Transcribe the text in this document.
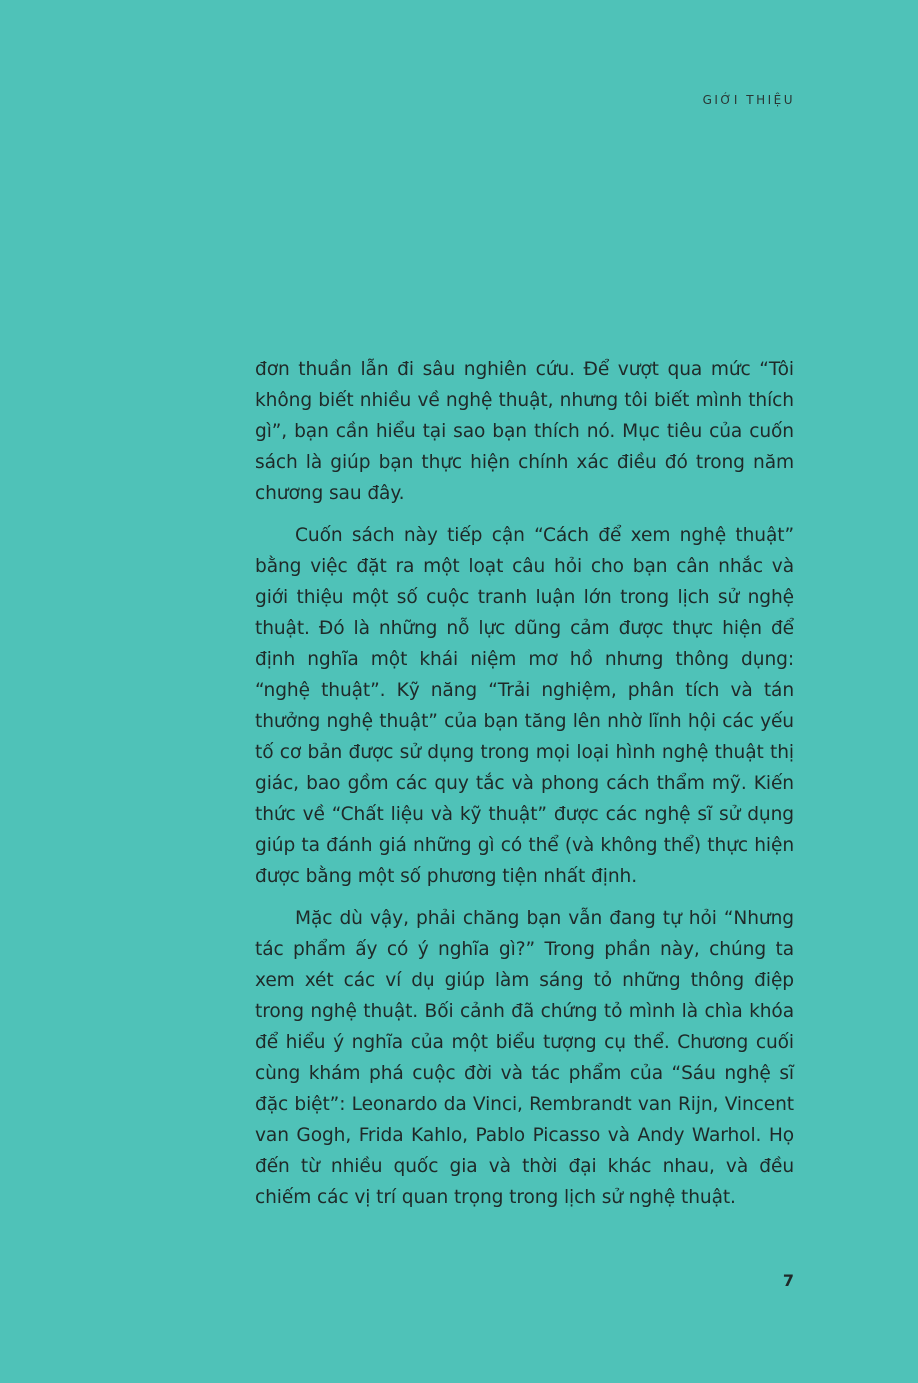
GIỚI THIỆU

đơn thuần lẫn đi sâu nghiên cứu. Để vượt qua mức “Tôi không biết nhiều về nghệ thuật, nhưng tôi biết mình thích gì”, bạn cần hiểu tại sao bạn thích nó. Mục tiêu của cuốn sách là giúp bạn thực hiện chính xác điều đó trong năm chương sau đây.

Cuốn sách này tiếp cận “Cách để xem nghệ thuật” bằng việc đặt ra một loạt câu hỏi cho bạn cân nhắc và giới thiệu một số cuộc tranh luận lớn trong lịch sử nghệ thuật. Đó là những nỗ lực dũng cảm được thực hiện để định nghĩa một khái niệm mơ hồ nhưng thông dụng: “nghệ thuật”. Kỹ năng “Trải nghiệm, phân tích và tán thưởng nghệ thuật” của bạn tăng lên nhờ lĩnh hội các yếu tố cơ bản được sử dụng trong mọi loại hình nghệ thuật thị giác, bao gồm các quy tắc và phong cách thẩm mỹ. Kiến thức về “Chất liệu và kỹ thuật” được các nghệ sĩ sử dụng giúp ta đánh giá những gì có thể (và không thể) thực hiện được bằng một số phương tiện nhất định.

Mặc dù vậy, phải chăng bạn vẫn đang tự hỏi “Nhưng tác phẩm ấy có ý nghĩa gì?” Trong phần này, chúng ta xem xét các ví dụ giúp làm sáng tỏ những thông điệp trong nghệ thuật. Bối cảnh đã chứng tỏ mình là chìa khóa để hiểu ý nghĩa của một biểu tượng cụ thể. Chương cuối cùng khám phá cuộc đời và tác phẩm của “Sáu nghệ sĩ đặc biệt”: Leonardo da Vinci, Rembrandt van Rijn, Vincent van Gogh, Frida Kahlo, Pablo Picasso và Andy Warhol. Họ đến từ nhiều quốc gia và thời đại khác nhau, và đều chiếm các vị trí quan trọng trong lịch sử nghệ thuật.

7
